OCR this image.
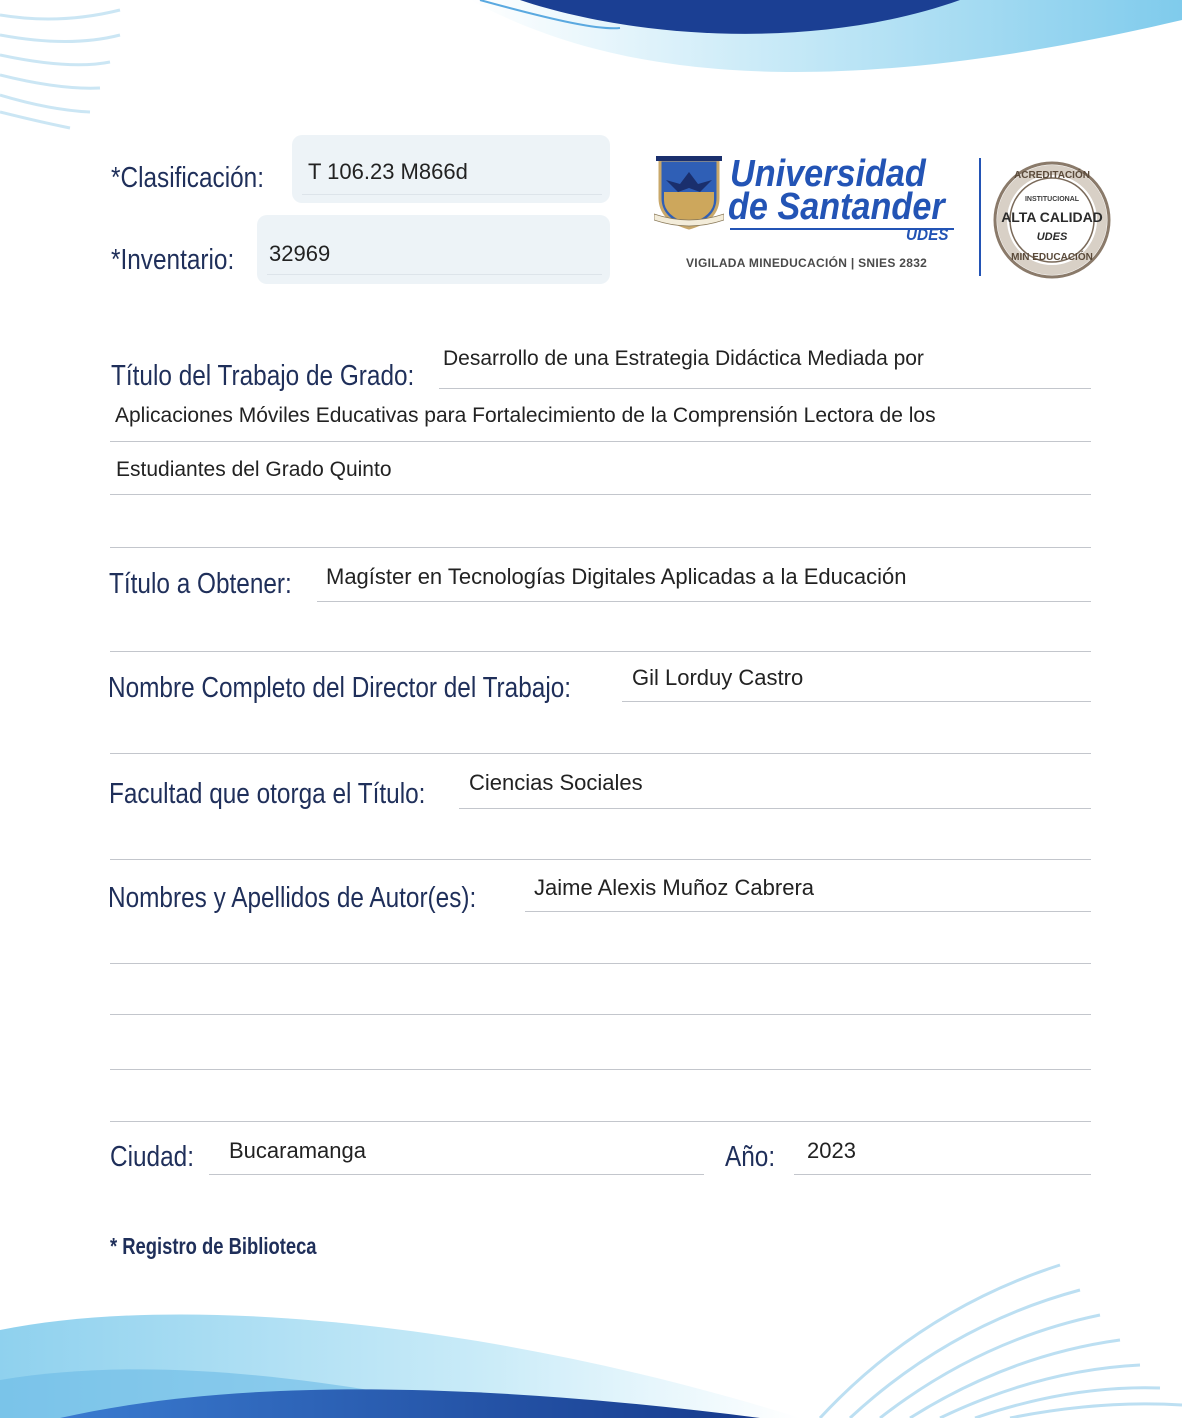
*Clasificación: T 106.23 M866d
*Inventario: 32969
Universidad
de Santander
UDES
VIGILADA MINEDUCACIÓN | SNIES 2832
ACREDITACIÓN
INSTITUCIONAL
ALTA CALIDAD
UDES
MIN EDUCACIÓN
Título del Trabajo de Grado:
Desarrollo de una Estrategia Didáctica Mediada por
Aplicaciones Móviles Educativas para Fortalecimiento de la Comprensión Lectora de los
Estudiantes del Grado Quinto
Título a Obtener: Magíster en Tecnologías Digitales Aplicadas a la Educación
Nombre Completo del Director del Trabajo:	Gil Lorduy Castro
Facultad que otorga el Título: Ciencias Sociales
Nombres y Apellidos de Autor(es):	Jaime Alexis Muñoz Cabrera
Ciudad: Bucaramanga	Año: 2023
* Registro de Biblioteca
